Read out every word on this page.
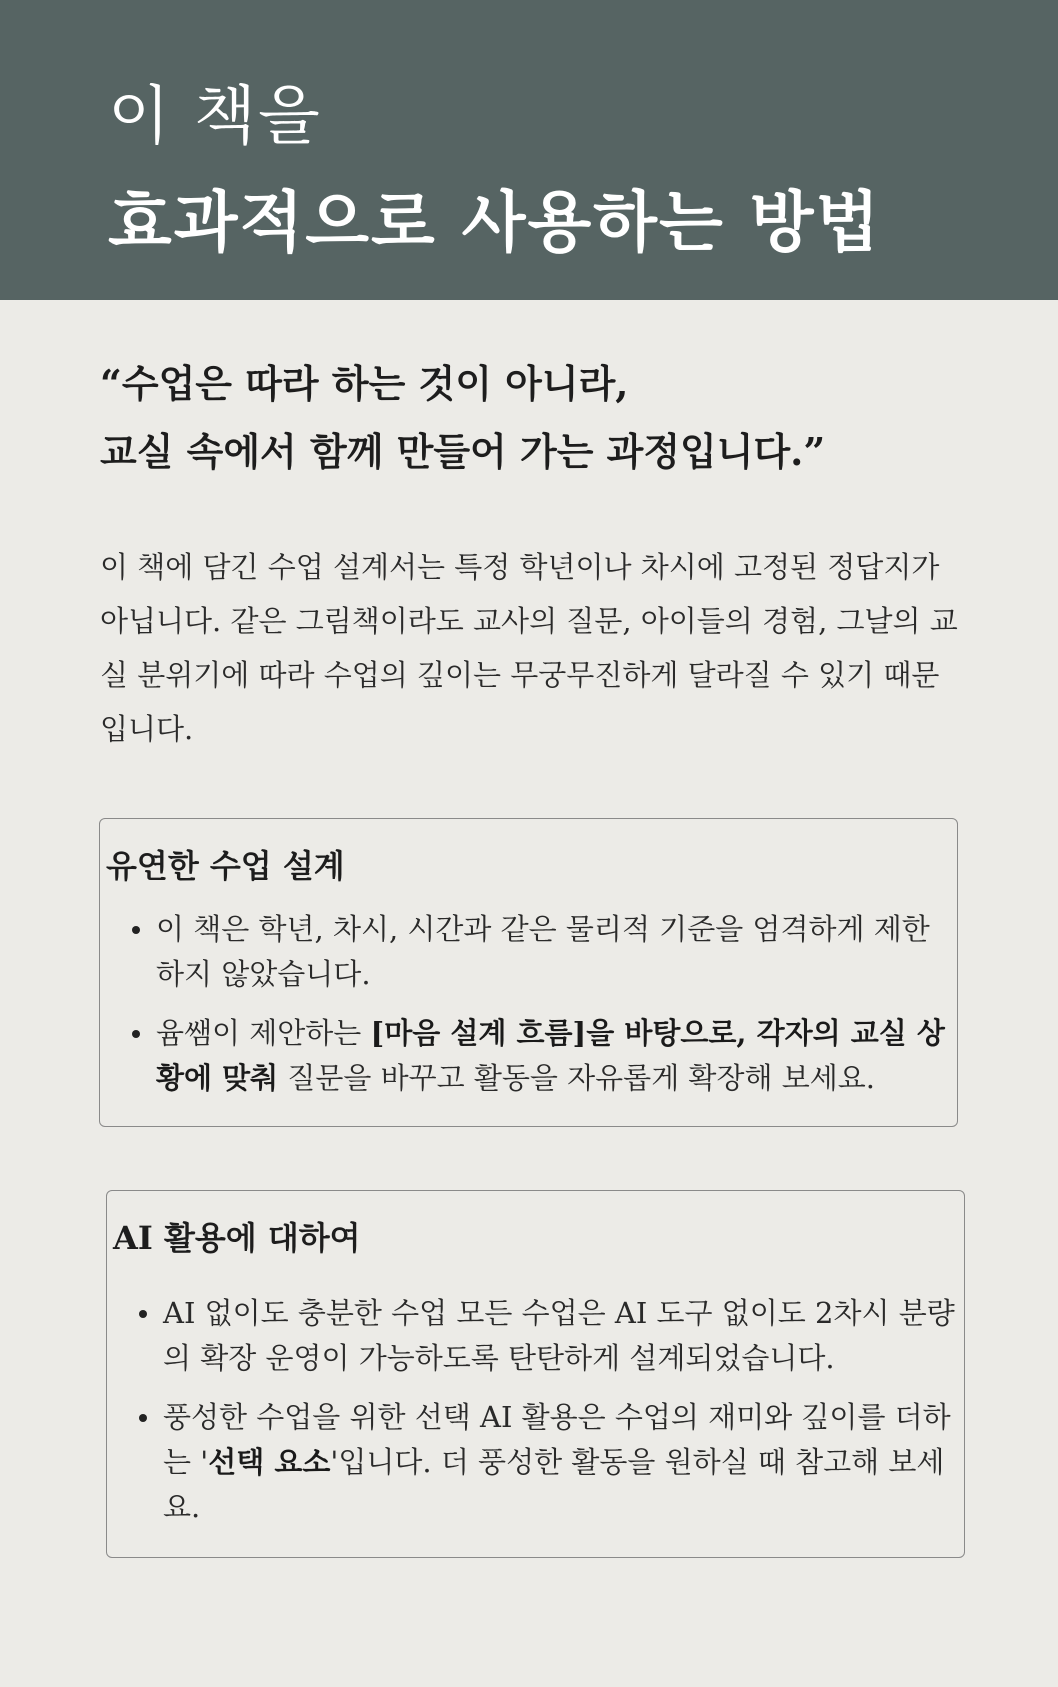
이 책을
효과적으로 사용하는 방법
“수업은 따라 하는 것이 아니라,
교실 속에서 함께 만들어 가는 과정입니다.”
이 책에 담긴 수업 설계서는 특정 학년이나 차시에 고정된 정답지가 아닙니다. 같은 그림책이라도 교사의 질문, 아이들의 경험, 그날의 교실 분위기에 따라 수업의 깊이는 무궁무진하게 달라질 수 있기 때문입니다.
유연한 수업 설계
이 책은 학년, 차시, 시간과 같은 물리적 기준을 엄격하게 제한하지 않았습니다.
윰쌤이 제안하는 [마음 설계 흐름]을 바탕으로, 각자의 교실 상황에 맞춰 질문을 바꾸고 활동을 자유롭게 확장해 보세요.
AI 활용에 대하여
AI 없이도 충분한 수업 모든 수업은 AI 도구 없이도 2차시 분량의 확장 운영이 가능하도록 탄탄하게 설계되었습니다.
풍성한 수업을 위한 선택 AI 활용은 수업의 재미와 깊이를 더하는 '선택 요소'입니다. 더 풍성한 활동을 원하실 때 참고해 보세요.
